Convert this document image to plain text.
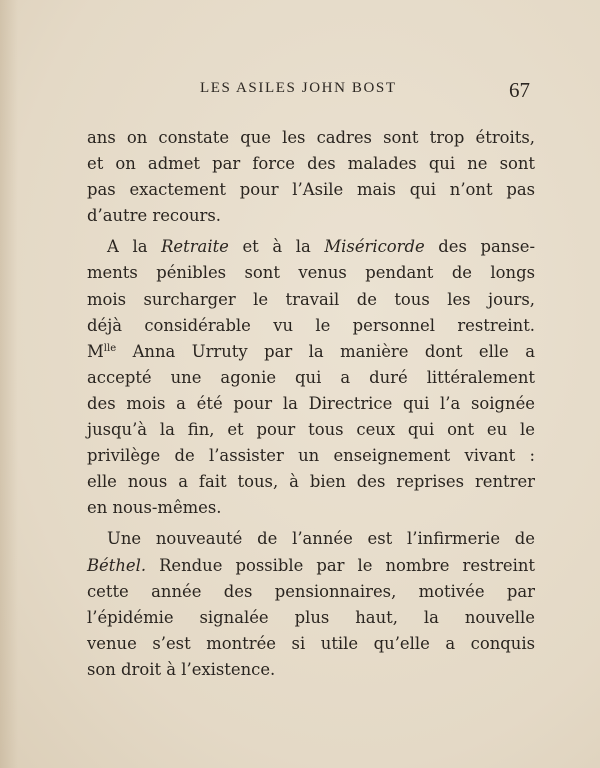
LES ASILES JOHN BOST	67
ans on constate que les cadres sont trop étroits,
et on admet par force des malades qui ne sont
pas exactement pour l’Asile mais qui n’ont pas
d’autre recours.
A la Retraite et à la Miséricorde des panse-
ments pénibles sont venus pendant de longs
mois surcharger le travail de tous les jours,
déjà considérable vu le personnel restreint.
$M^{lle}$ Anna Urruty par la manière dont elle a
accepté une agonie qui a duré littéralement
des mois a été pour la Directrice qui l’a soignée
jusqu’à la fin, et pour tous ceux qui ont eu le
privilège de l’assister un enseignement vivant :
elle nous a fait tous, à bien des reprises rentrer
en nous-mêmes.
Une nouveauté de l’année est l’infirmerie de
Béthel. Rendue possible par le nombre restreint
cette année des pensionnaires, motivée par
l’épidémie signalée plus haut, la nouvelle
venue s’est montrée si utile qu’elle a conquis
son droit à l’existence.
